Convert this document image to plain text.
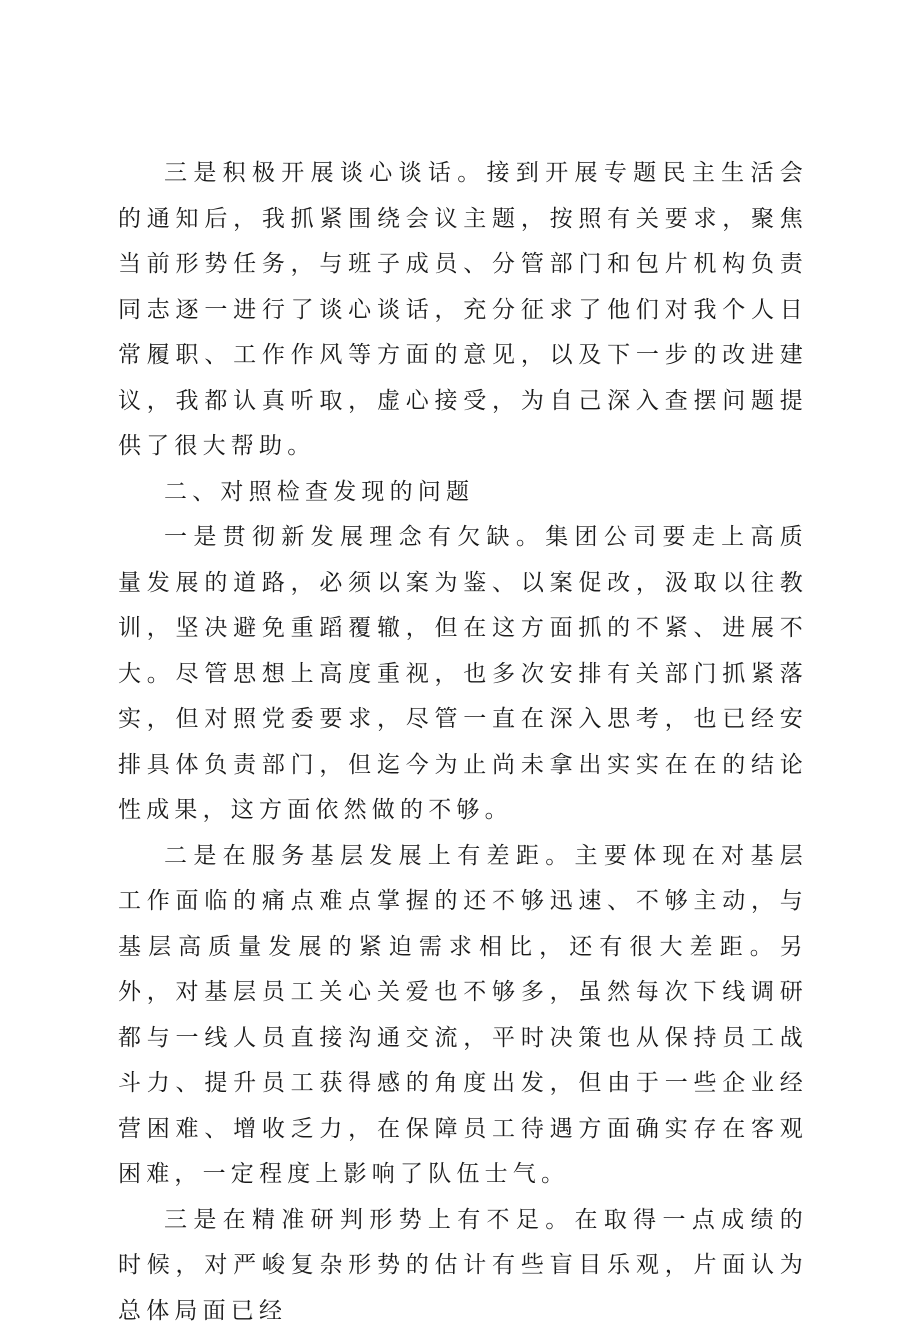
三是积极开展谈心谈话。接到开展专题民主生活会的通知后，我抓紧围绕会议主题，按照有关要求，聚焦当前形势任务，与班子成员、分管部门和包片机构负责同志逐一进行了谈心谈话，充分征求了他们对我个人日常履职、工作作风等方面的意见，以及下一步的改进建议，我都认真听取，虚心接受，为自己深入查摆问题提供了很大帮助。

二、对照检查发现的问题

一是贯彻新发展理念有欠缺。集团公司要走上高质量发展的道路，必须以案为鉴、以案促改，汲取以往教训，坚决避免重蹈覆辙，但在这方面抓的不紧、进展不大。尽管思想上高度重视，也多次安排有关部门抓紧落实，但对照党委要求，尽管一直在深入思考，也已经安排具体负责部门，但迄今为止尚未拿出实实在在的结论性成果，这方面依然做的不够。

二是在服务基层发展上有差距。主要体现在对基层工作面临的痛点难点掌握的还不够迅速、不够主动，与基层高质量发展的紧迫需求相比，还有很大差距。另外，对基层员工关心关爱也不够多，虽然每次下线调研都与一线人员直接沟通交流，平时决策也从保持员工战斗力、提升员工获得感的角度出发，但由于一些企业经营困难、增收乏力，在保障员工待遇方面确实存在客观困难，一定程度上影响了队伍士气。

三是在精准研判形势上有不足。在取得一点成绩的时候，对严峻复杂形势的估计有些盲目乐观，片面认为总体局面已经
